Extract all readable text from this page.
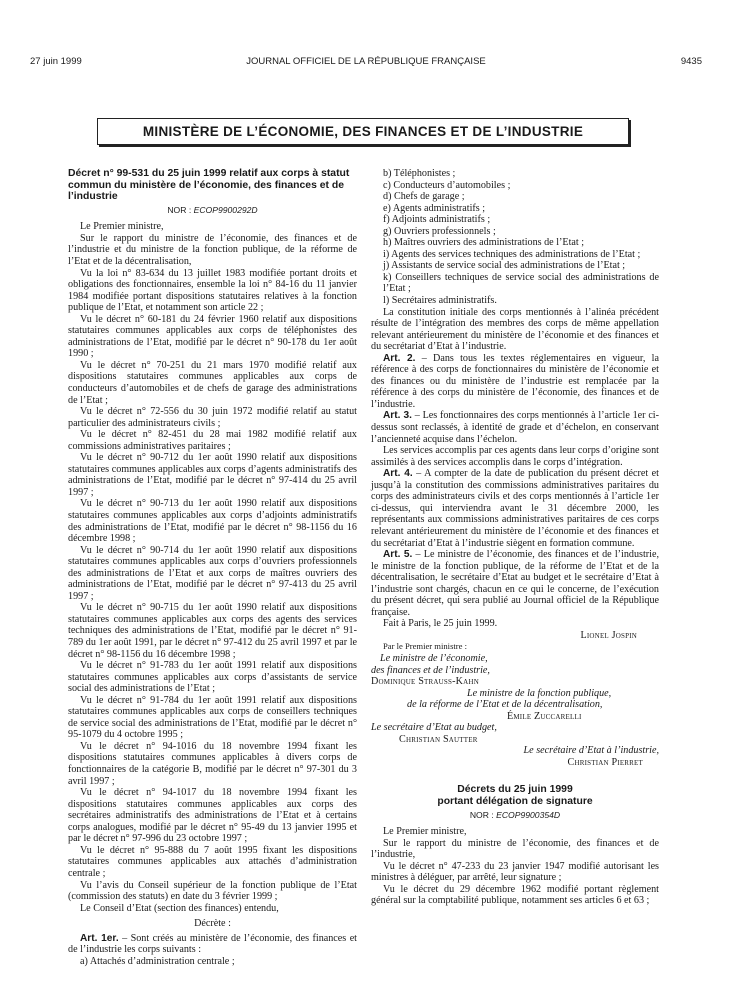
27 juin 1999	JOURNAL OFFICIEL DE LA RÉPUBLIQUE FRANÇAISE	9435
MINISTÈRE DE L’ÉCONOMIE, DES FINANCES ET DE L’INDUSTRIE
Décret n° 99-531 du 25 juin 1999 relatif aux corps à statut commun du ministère de l’économie, des finances et de l’industrie
NOR : ECOP9900292D

Le Premier ministre,

Sur le rapport du ministre de l’économie, des finances et de l’industrie et du ministre de la fonction publique, de la réforme de l’Etat et de la décentralisation,

Vu la loi n° 83-634 du 13 juillet 1983 modifiée portant droits et obligations des fonctionnaires, ensemble la loi n° 84-16 du 11 janvier 1984 modifiée portant dispositions statutaires relatives à la fonction publique de l’Etat, et notamment son article 22 ;

Vu le décret n° 60-181 du 24 février 1960 relatif aux dispositions statutaires communes applicables aux corps de téléphonistes des administrations de l’Etat, modifié par le décret n° 90-178 du 1er août 1990 ;

Vu le décret n° 70-251 du 21 mars 1970 modifié relatif aux dispositions statutaires communes applicables aux corps de conducteurs d’automobiles et de chefs de garage des administrations de l’Etat ;

Vu le décret n° 72-556 du 30 juin 1972 modifié relatif au statut particulier des administrateurs civils ;

Vu le décret n° 82-451 du 28 mai 1982 modifié relatif aux commissions administratives paritaires ;

Vu le décret n° 90-712 du 1er août 1990 relatif aux dispositions statutaires communes applicables aux corps d’agents administratifs des administrations de l’Etat, modifié par le décret n° 97-414 du 25 avril 1997 ;

Vu le décret n° 90-713 du 1er août 1990 relatif aux dispositions statutaires communes applicables aux corps d’adjoints administratifs des administrations de l’Etat, modifié par le décret n° 98-1156 du 16 décembre 1998 ;

Vu le décret n° 90-714 du 1er août 1990 relatif aux dispositions statutaires communes applicables aux corps d’ouvriers professionnels des administrations de l’Etat et aux corps de maîtres ouvriers des administrations de l’Etat, modifié par le décret n° 97-413 du 25 avril 1997 ;

Vu le décret n° 90-715 du 1er août 1990 relatif aux dispositions statutaires communes applicables aux corps des agents des services techniques des administrations de l’Etat, modifié par le décret n° 91-789 du 1er août 1991, par le décret n° 97-412 du 25 avril 1997 et par le décret n° 98-1156 du 16 décembre 1998 ;

Vu le décret n° 91-783 du 1er août 1991 relatif aux dispositions statutaires communes applicables aux corps d’assistants de service social des administrations de l’Etat ;

Vu le décret n° 91-784 du 1er août 1991 relatif aux dispositions statutaires communes applicables aux corps de conseillers techniques de service social des administrations de l’Etat, modifié par le décret n° 95-1079 du 4 octobre 1995 ;

Vu le décret n° 94-1016 du 18 novembre 1994 fixant les dispositions statutaires communes applicables à divers corps de fonctionnaires de la catégorie B, modifié par le décret n° 97-301 du 3 avril 1997 ;

Vu le décret n° 94-1017 du 18 novembre 1994 fixant les dispositions statutaires communes applicables aux corps des secrétaires administratifs des administrations de l’Etat et à certains corps analogues, modifié par le décret n° 95-49 du 13 janvier 1995 et par le décret n° 97-996 du 23 octobre 1997 ;

Vu le décret n° 95-888 du 7 août 1995 fixant les dispositions statutaires communes applicables aux attachés d’administration centrale ;

Vu l’avis du Conseil supérieur de la fonction publique de l’Etat (commission des statuts) en date du 3 février 1999 ;

Le Conseil d’Etat (section des finances) entendu,

Décrète :

Art. 1er. – Sont créés au ministère de l’économie, des finances et de l’industrie les corps suivants :

a) Attachés d’administration centrale ;

b) Téléphonistes ;

c) Conducteurs d’automobiles ;

d) Chefs de garage ;

e) Agents administratifs ;

f) Adjoints administratifs ;

g) Ouvriers professionnels ;

h) Maîtres ouvriers des administrations de l’Etat ;

i) Agents des services techniques des administrations de l’Etat ;

j) Assistants de service social des administrations de l’Etat ;

k) Conseillers techniques de service social des administrations de l’Etat ;

l) Secrétaires administratifs.

La constitution initiale des corps mentionnés à l’alinéa précédent résulte de l’intégration des membres des corps de même appellation relevant antérieurement du ministère de l’économie et des finances et du secrétariat d’Etat à l’industrie.

Art. 2. – Dans tous les textes réglementaires en vigueur, la référence à des corps de fonctionnaires du ministère de l’économie et des finances ou du ministère de l’industrie est remplacée par la référence à des corps du ministère de l’économie, des finances et de l’industrie.

Art. 3. – Les fonctionnaires des corps mentionnés à l’article 1er ci-dessus sont reclassés, à identité de grade et d’échelon, en conservant l’ancienneté acquise dans l’échelon.

Les services accomplis par ces agents dans leur corps d’origine sont assimilés à des services accomplis dans le corps d’intégration.

Art. 4. – A compter de la date de publication du présent décret et jusqu’à la constitution des commissions administratives paritaires du corps des administrateurs civils et des corps mentionnés à l’article 1er ci-dessus, qui interviendra avant le 31 décembre 2000, les représentants aux commissions administratives paritaires de ces corps relevant antérieurement du ministère de l’économie et des finances et du secrétariat d’Etat à l’industrie siègent en formation commune.

Art. 5. – Le ministre de l’économie, des finances et de l’industrie, le ministre de la fonction publique, de la réforme de l’Etat et de la décentralisation, le secrétaire d’Etat au budget et le secrétaire d’Etat à l’industrie sont chargés, chacun en ce qui le concerne, de l’exécution du présent décret, qui sera publié au Journal officiel de la République française.

Fait à Paris, le 25 juin 1999.

Lionel Jospin

Par le Premier ministre :

Le ministre de l’économie,

des finances et de l’industrie,

Dominique Strauss-Kahn

Le ministre de la fonction publique,

de la réforme de l’Etat et de la décentralisation,

Émile Zuccarelli

Le secrétaire d’Etat au budget,

Christian Sautter

Le secrétaire d’Etat à l’industrie,

Christian Pierret

Décrets du 25 juin 1999
portant délégation de signature
NOR : ECOP9900354D

Le Premier ministre,

Sur le rapport du ministre de l’économie, des finances et de l’industrie,

Vu le décret n° 47-233 du 23 janvier 1947 modifié autorisant les ministres à déléguer, par arrêté, leur signature ;

Vu le décret du 29 décembre 1962 modifié portant règlement général sur la comptabilité publique, notamment ses articles 6 et 63 ;
